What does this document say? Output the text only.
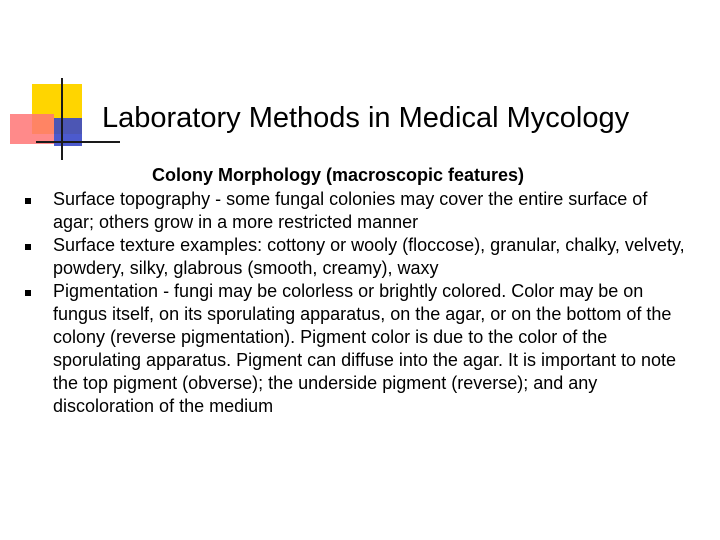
Laboratory Methods in Medical Mycology

Colony Morphology (macroscopic features)

Surface topography - some fungal colonies may cover the entire surface of agar; others grow in a more restricted manner
Surface texture examples: cottony or wooly (floccose), granular, chalky, velvety, powdery, silky, glabrous (smooth, creamy), waxy
Pigmentation - fungi may be colorless or brightly colored. Color may be on fungus itself, on its sporulating apparatus, on the agar, or on the bottom of the colony (reverse pigmentation). Pigment color is due to the color of the sporulating apparatus. Pigment can diffuse into the agar. It is important to note the top pigment (obverse); the underside pigment (reverse); and any discoloration of the medium
